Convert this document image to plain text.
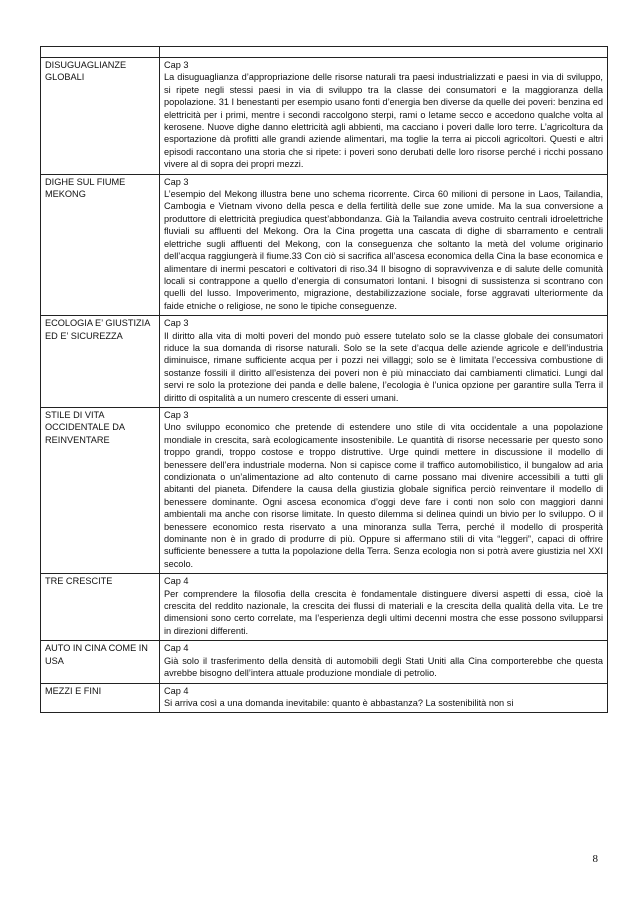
DISUGUAGLIANZE GLOBALI	Cap 3
La disuguaglianza d’appropriazione delle risorse naturali tra paesi industrializzati e paesi in via di sviluppo, si ripete negli stessi paesi in via di sviluppo tra la classe dei consumatori e la maggioranza della popolazione. 31 I benestanti per esempio usano fonti d’energia ben diverse da quelle dei poveri: benzina ed elettricità per i primi, mentre i secondi raccolgono sterpi, rami o letame secco e accedono qualche volta al kerosene. Nuove dighe danno elettricità agli abbienti, ma cacciano i poveri dalle loro terre. L’agricoltura da esportazione dà profitti alle grandi aziende alimentari, ma toglie la terra ai piccoli agricoltori. Questi e altri episodi raccontano una storia che si ripete: i poveri sono derubati delle loro risorse perché i ricchi possano vivere al di sopra dei propri mezzi.
DIGHE SUL FIUME MEKONG	Cap 3
L’esempio del Mekong illustra bene uno schema ricorrente. Circa 60 milioni di persone in Laos, Tailandia, Cambogia e Vietnam vivono della pesca e della fertilità delle sue zone umide. Ma la sua conversione a produttore di elettricità pregiudica quest’abbondanza. Già la Tailandia aveva costruito centrali idroelettriche fluviali su affluenti del Mekong. Ora la Cina progetta una cascata di dighe di sbarramento e centrali elettriche sugli affluenti del Mekong, con la conseguenza che soltanto la metà del volume originario dell’acqua raggiungerà il fiume.33 Con ciò si sacrifica all’ascesa economica della Cina la base economica e alimentare di inermi pescatori e coltivatori di riso.34 Il bisogno di sopravvivenza e di salute delle comunità locali si contrappone a quello d’energia di consumatori lontani. I bisogni di sussistenza si scontrano con quelli del lusso. Impoverimento, migrazione, destabilizzazione sociale, forse aggravati ulteriormente da faide etniche o religiose, ne sono le tipiche conseguenze.
ECOLOGIA E’ GIUSTIZIA ED E’ SICUREZZA	Cap 3
Il diritto alla vita di molti poveri del mondo può essere tutelato solo se la classe globale dei consumatori riduce la sua domanda di risorse naturali. Solo se la sete d’acqua delle aziende agricole e dell’industria diminuisce, rimane sufficiente acqua per i pozzi nei villaggi; solo se è limitata l’eccessiva combustione di sostanze fossili il diritto all’esistenza dei poveri non è più minacciato dai cambiamenti climatici. Lungi dal servi re solo la protezione dei panda e delle balene, l’ecologia è l’unica opzione per garantire sulla Terra il diritto di ospitalità a un numero crescente di esseri umani.
STILE DI VITA OCCIDENTALE DA REINVENTARE	Cap 3
Uno sviluppo economico che pretende di estendere uno stile di vita occidentale a una popolazione mondiale in crescita, sarà ecologicamente insostenibile. Le quantità di risorse necessarie per questo sono troppo grandi, troppo costose e troppo distruttive. Urge quindi mettere in discussione il modello di benessere dell’era industriale moderna. Non si capisce come il traffico automobilistico, il bungalow ad aria condizionata o un’alimentazione ad alto contenuto di carne possano mai divenire accessibili a tutti gli abitanti del pianeta. Difendere la causa della giustizia globale significa perciò reinventare il modello di benessere dominante. Ogni ascesa economica d’oggi deve fare i conti non solo con maggiori danni ambientali ma anche con risorse limitate. In questo dilemma si delinea quindi un bivio per lo sviluppo. O il benessere economico resta riservato a una minoranza sulla Terra, perché il modello di prosperità dominante non è in grado di produrre di più. Oppure si affermano stili di vita “leggeri”, capaci di offrire sufficiente benessere a tutta la popolazione della Terra. Senza ecologia non si potrà avere giustizia nel XXI secolo.
TRE CRESCITE	Cap 4
Per comprendere la filosofia della crescita è fondamentale distinguere diversi aspetti di essa, cioè la crescita del reddito nazionale, la crescita dei flussi di materiali e la crescita della qualità della vita. Le tre dimensioni sono certo correlate, ma l’esperienza degli ultimi decenni mostra che esse possono svilupparsi in direzioni differenti.
AUTO IN CINA COME IN USA	Cap 4
Già solo il trasferimento della densità di automobili degli Stati Uniti alla Cina comporterebbe che questa avrebbe bisogno dell’intera attuale produzione mondiale di petrolio.
MEZZI E FINI	Cap 4
Si arriva così a una domanda inevitabile: quanto è abbastanza? La sostenibilità non si
8
